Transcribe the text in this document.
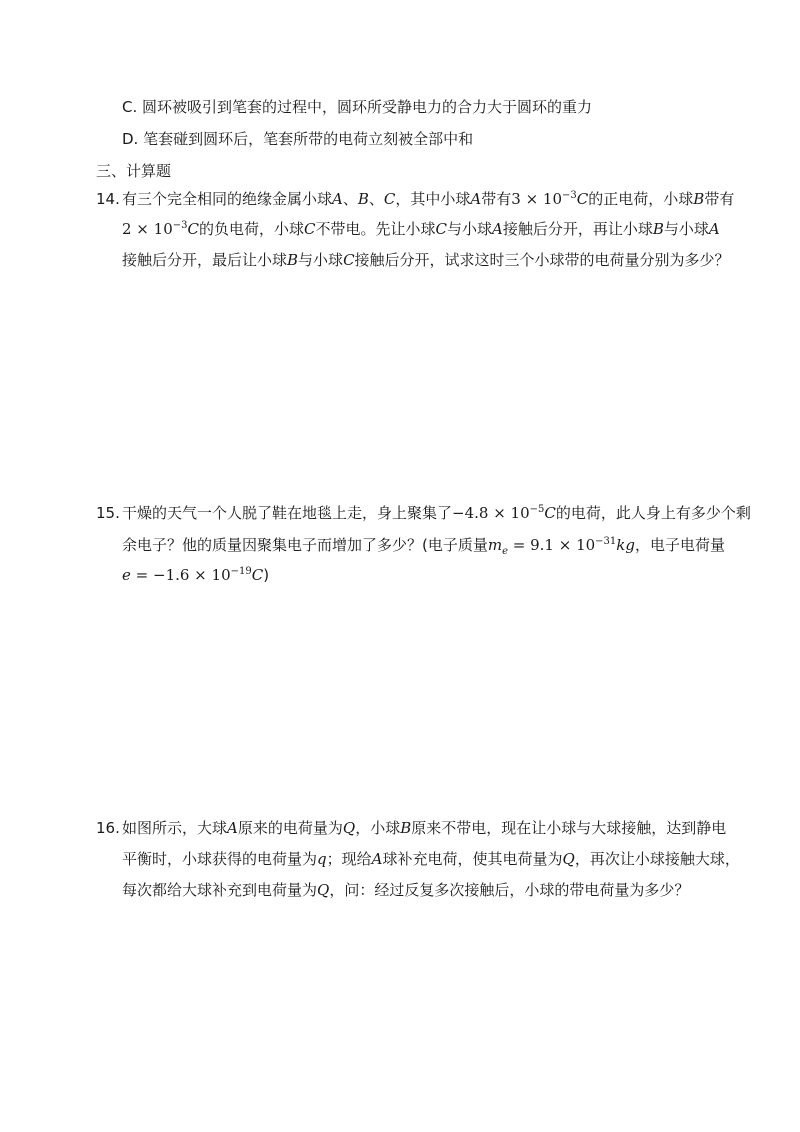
C. 圆环被吸引到笔套的过程中，圆环所受静电力的合力大于圆环的重力
D. 笔套碰到圆环后，笔套所带的电荷立刻被全部中和
三、计算题
14. 有三个完全相同的绝缘金属小球A、B、C，其中小球A带有$3 \times 10^{-3}C$的正电荷，小球B带有
$2 \times 10^{-3}C$的负电荷，小球C不带电。先让小球C与小球A接触后分开，再让小球B与小球A
接触后分开，最后让小球B与小球C接触后分开，试求这时三个小球带的电荷量分别为多少？
15. 干燥的天气一个人脱了鞋在地毯上走，身上聚集了$-4.8 \times 10^{-5}C$的电荷，此人身上有多少个剩
余电子？他的质量因聚集电子而增加了多少？(电子质量$m_e = 9.1 \times 10^{-31}kg$，电子电荷量
$e = -1.6 \times 10^{-19}C$)
16. 如图所示，大球A原来的电荷量为Q，小球B原来不带电，现在让小球与大球接触，达到静电
平衡时，小球获得的电荷量为q；现给A球补充电荷，使其电荷量为Q，再次让小球接触大球，
每次都给大球补充到电荷量为Q，问：经过反复多次接触后，小球的带电荷量为多少？
